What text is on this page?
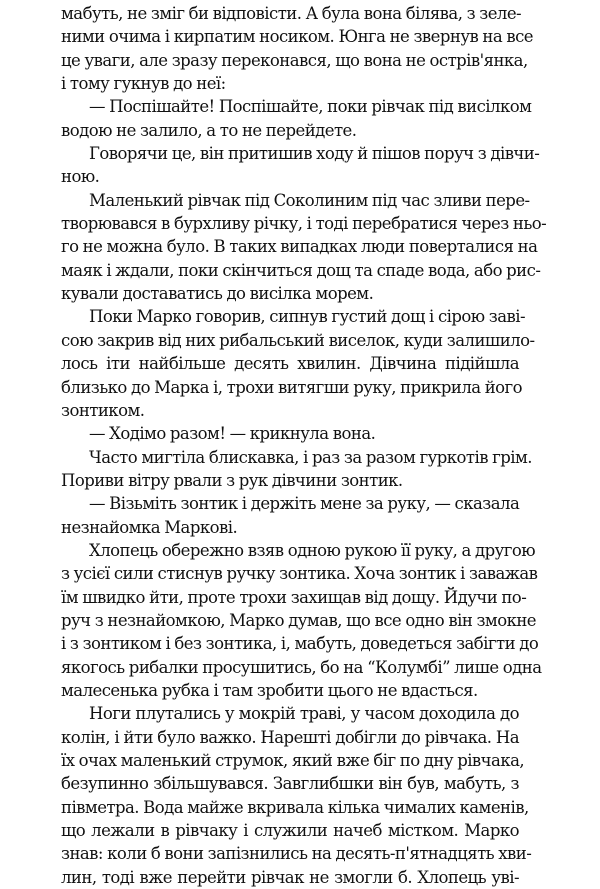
мабуть, не зміг би відповісти. А була вона білява, з зеле-
ними очима і кирпатим носиком. Юнга не звернув на все
це уваги, але зразу переконався, що вона не острів'янка,
і тому гукнув до неї:
— Поспішайте! Поспішайте, поки рівчак під висілком
водою не залило, а то не перейдете.
Говорячи це, він притишив ходу й пішов поруч з дівчи-
ною.
Маленький рівчак під Соколиним під час зливи пере-
творювався в бурхливу річку, і тоді перебратися через ньо-
го не можна було. В таких випадках люди поверталися на
маяк і ждали, поки скінчиться дощ та спаде вода, або рис-
кували доставатись до висілка морем.
Поки Марко говорив, сипнув густий дощ і сірою заві-
сою закрив від них рибальський виселок, куди залишило-
лось іти найбільше десять хвилин. Дівчина підійшла
близько до Марка і, трохи витягши руку, прикрила його
зонтиком.
— Ходімо разом! — крикнула вона.
Часто мигтіла блискавка, і раз за разом гуркотів грім.
Пориви вітру рвали з рук дівчини зонтик.
— Візьміть зонтик і держіть мене за руку, — сказала
незнайомка Маркові.
Хлопець обережно взяв одною рукою її руку, а другою
з усієї сили стиснув ручку зонтика. Хоча зонтик і заважав
їм швидко йти, проте трохи захищав від дощу. Йдучи по-
руч з незнайомкою, Марко думав, що все одно він змокне
і з зонтиком і без зонтика, і, мабуть, доведеться забігти до
якогось рибалки просушитись, бо на “Колумбі” лише одна
малесенька рубка і там зробити цього не вдасться.
Ноги плутались у мокрій траві, у часом доходила до
колін, і йти було важко. Нарешті добігли до рівчака. На
їх очах маленький струмок, який вже біг по дну рівчака,
безупинно збільшувався. Завглибшки він був, мабуть, з
півметра. Вода майже вкривала кілька чималих каменів,
що лежали в рівчаку і служили начеб містком. Марко
знав: коли б вони запізнились на десять-п'ятнадцять хви-
лин, тоді вже перейти рівчак не змогли б. Хлопець уві-
